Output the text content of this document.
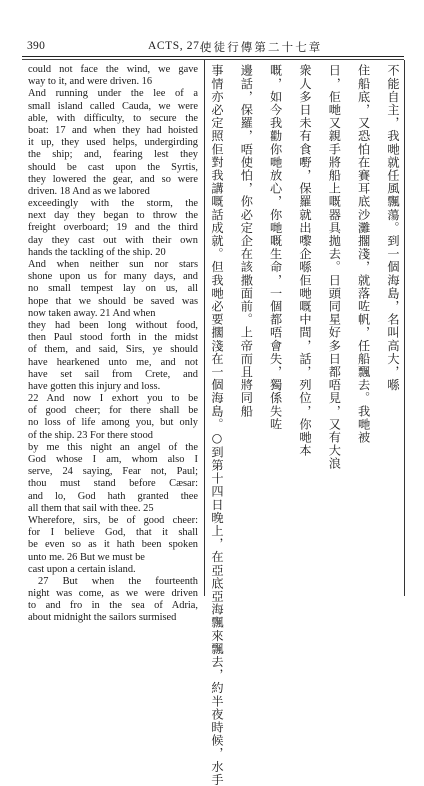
390	ACTS, 27.
使徒行傳第二十七章
could not face the wind, we gave
way to it, and were driven. 16
And running under the lee of a
small island called Cauda, we were
able, with difficulty, to secure the
boat: 17 and when they had hoisted
it up, they used helps, undergirding
the ship; and, fearing lest they
should be cast upon the Syrtis,
they lowered the gear, and so were
driven. 18 And as we labored
exceedingly with the storm, the
next day they began to throw the
freight overboard; 19 and the third
day they cast out with their own
hands the tackling of the ship. 20
And when neither sun nor stars
shone upon us for many days, and
no small tempest lay on us, all
hope that we should be saved was
now taken away. 21 And when
they had been long without food,
then Paul stood forth in the midst
of them, and said, Sirs, ye should
have hearkened unto me, and not
have set sail from Crete, and
have gotten this injury and loss.
22 And now I exhort you to be
of good cheer; for there shall be
no loss of life among you, but only
of the ship. 23 For there stood
by me this night an angel of the
God whose I am, whom also I
serve, 24 saying, Fear not, Paul;
thou must stand before Cæsar:
and lo, God hath granted thee
all them that sail with thee. 25
Wherefore, sirs, be of good cheer:
for I believe God, that it shall
be even so as it hath been spoken
unto me. 26 But we must be
cast upon a certain island.
27 But when the fourteenth
night was come, as we were driven
to and fro in the sea of Adria,
about midnight the sailors surmised
不能自主，我哋就任風飄蕩。到一個海島，名叫高大，喺
住船底，又恐怕在賽耳底沙灘擱淺，就落咗帆，任船飄去。我哋被
日，佢哋又親手將船上嘅器具拋去。日頭同星好多日都唔見，又有大浪
衆人多日未有食嘢，保羅就出嚟企喺佢哋嘅中間，話，列位，你哋本
嘅，如今我勸你哋放心，你哋嘅生命，一個都唔會失，獨係失咗
邊話，保羅，唔使怕，你必定企在該撒面前。上帝而且將同船
事情亦必定照佢對我講嘅話成就。但我哋必要擱淺在一個海島。○到第十四日晚上，在亞底亞海飄來飄去，約半夜時候，水手
